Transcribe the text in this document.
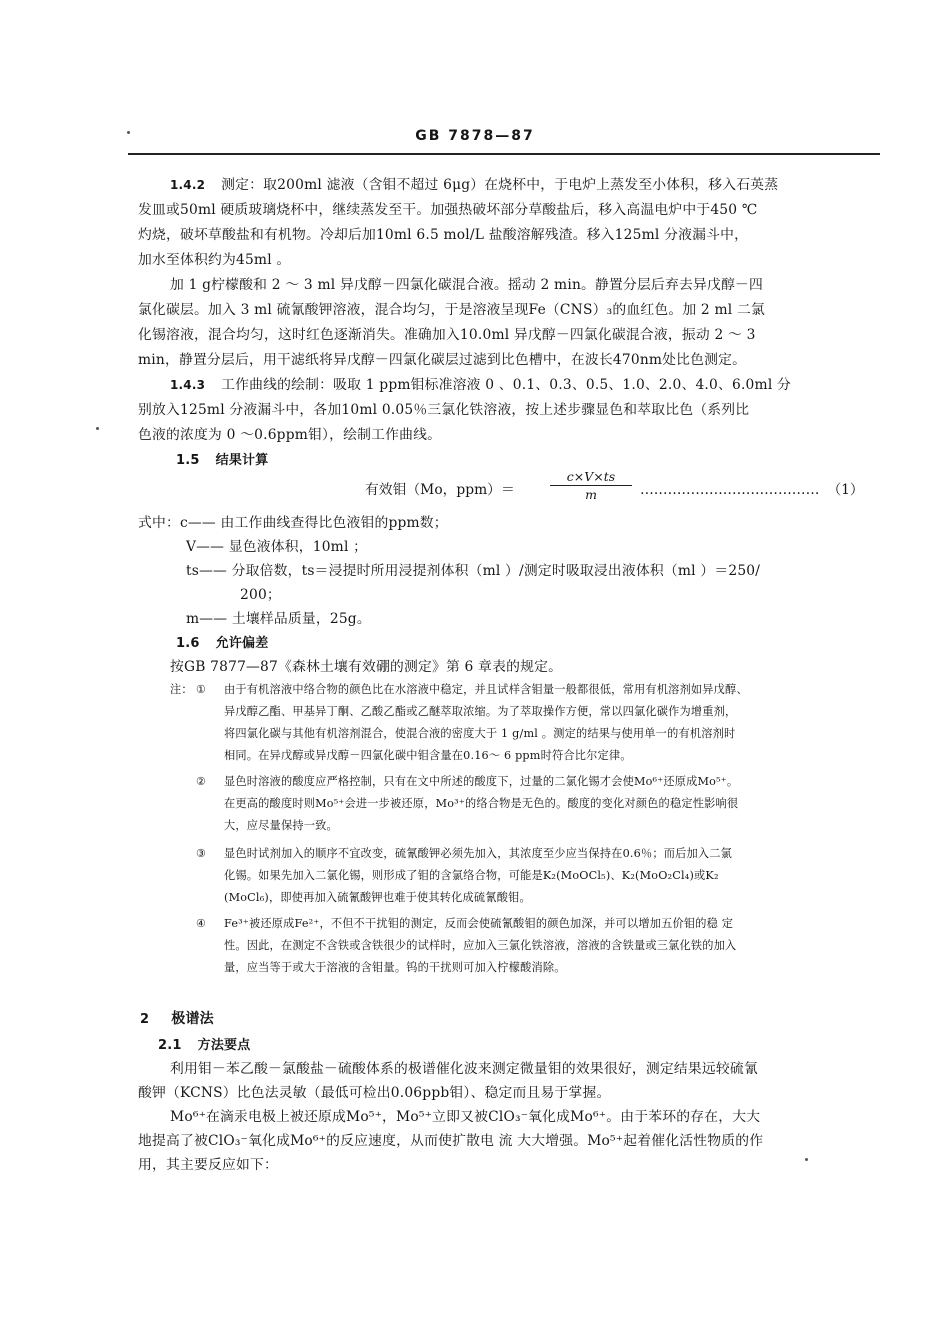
GB 7878—87
1.4.2 测定：取200ml 滤液（含钼不超过 6μg）在烧杯中，于电炉上蒸发至小体积，移入石英蒸
发皿或50ml 硬质玻璃烧杯中，继续蒸发至干。加强热破坏部分草酸盐后，移入高温电炉中于450 ℃
灼烧，破坏草酸盐和有机物。冷却后加10ml 6.5 mol/L 盐酸溶解残渣。移入125ml 分液漏斗中，
加水至体积约为45ml 。
加 1 g柠檬酸和 2 ～ 3 ml 异戊醇－四氯化碳混合液。摇动 2 min。静置分层后弃去异戊醇－四
氯化碳层。加入 3 ml 硫氰酸钾溶液，混合均匀，于是溶液呈现Fe（CNS）₃的血红色。加 2 ml 二氯
化锡溶液，混合均匀，这时红色逐渐消失。准确加入10.0ml 异戊醇－四氯化碳混合液，振动 2 ～ 3
min，静置分层后，用干滤纸将异戊醇－四氯化碳层过滤到比色槽中，在波长470nm处比色测定。
1.4.3 工作曲线的绘制：吸取 1 ppm钼标准溶液 0 、0.1、0.3、0.5、1.0、2.0、4.0、6.0ml 分
别放入125ml 分液漏斗中，各加10ml 0.05％三氯化铁溶液，按上述步骤显色和萃取比色（系列比
色液的浓度为 0 ～0.6ppm钼），绘制工作曲线。
1.5 结果计算
有效钼（Mo，ppm）＝	$\frac{c\times V\times ts}{m}$ ………………………………… （1）
式中：c—— 由工作曲线查得比色液钼的ppm数；
V—— 显色液体积，10ml ；
ts—— 分取倍数，ts＝浸提时所用浸提剂体积（ml ）/测定时吸取浸出液体积（ml ）＝250/
200；
m—— 土壤样品质量，25g。
1.6 允许偏差
按GB 7877—87《森林土壤有效硼的测定》第 6 章表的规定。
注： ① 由于有机溶液中络合物的颜色比在水溶液中稳定，并且试样含钼量一般都很低，常用有机溶剂如异戊醇、
异戊醇乙酯、甲基异丁酮、乙酸乙酯或乙醚萃取浓缩。为了萃取操作方便，常以四氯化碳作为增重剂，
将四氯化碳与其他有机溶剂混合，使混合液的密度大于 1 g/ml 。测定的结果与使用单一的有机溶剂时
相同。在异戊醇或异戊醇－四氯化碳中钼含量在0.16～ 6 ppm时符合比尔定律。
② 显色时溶液的酸度应严格控制，只有在文中所述的酸度下，过量的二氯化锡才会使Mo⁶⁺还原成Mo⁵⁺。
在更高的酸度时则Mo⁵⁺会进一步被还原，Mo³⁺的络合物是无色的。酸度的变化对颜色的稳定性影响很
大，应尽量保持一致。
③ 显色时试剂加入的顺序不宜改变，硫氰酸钾必须先加入，其浓度至少应当保持在0.6％；而后加入二氯
化锡。如果先加入二氯化锡，则形成了钼的含氯络合物，可能是K₂(MoOCl₅)、K₂(MoO₂Cl₄)或K₂
(MoCl₆)，即使再加入硫氰酸钾也难于使其转化成硫氰酸钼。
④ Fe³⁺被还原成Fe²⁺，不但不干扰钼的测定，反而会使硫氰酸钼的颜色加深，并可以增加五价钼的稳 定
性。因此，在测定不含铁或含铁很少的试样时，应加入三氯化铁溶液，溶液的含铁量或三氯化铁的加入
量，应当等于或大于溶液的含钼量。钨的干扰则可加入柠檬酸消除。
2 极谱法
2.1 方法要点
利用钼－苯乙酸－氯酸盐－硫酸体系的极谱催化波来测定微量钼的效果很好，测定结果远较硫氰
酸钾（KCNS）比色法灵敏（最低可检出0.06ppb钼）、稳定而且易于掌握。
Mo⁶⁺在滴汞电极上被还原成Mo⁵⁺，Mo⁵⁺立即又被ClO₃⁻氧化成Mo⁶⁺。由于苯环的存在，大大
地提高了被ClO₃⁻氧化成Mo⁶⁺的反应速度，从而使扩散电 流 大大增强。Mo⁵⁺起着催化活性物质的作
用，其主要反应如下：
